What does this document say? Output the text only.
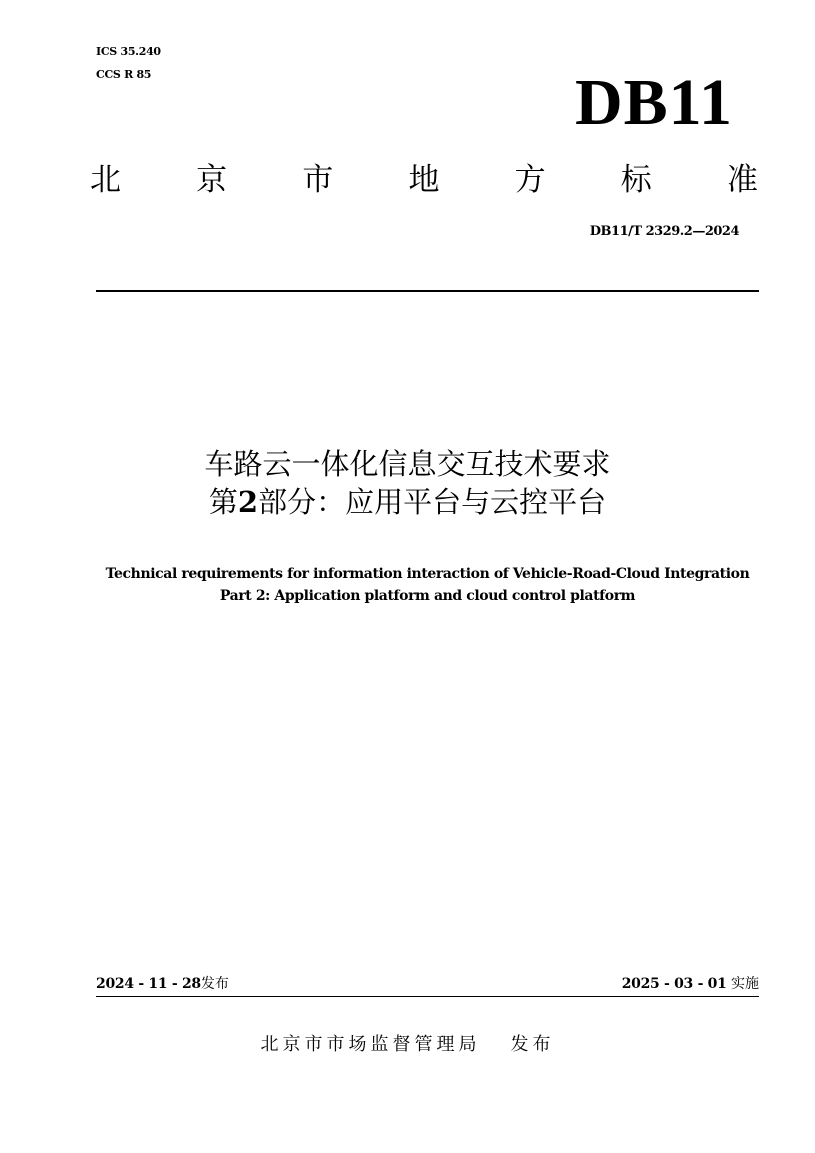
ICS 35.240
CCS R 85	DB11
北 京 市 地 方 标 准
DB11/T 2329.2—2024
车路云一体化信息交互技术要求
第2部分：应用平台与云控平台
Technical requirements for information interaction of Vehicle-Road-Cloud Integration Part 2: Application platform and cloud control platform
2024 - 11 - 28发布	2025 - 03 - 01 实施
北京市市场监督管理局 发布
